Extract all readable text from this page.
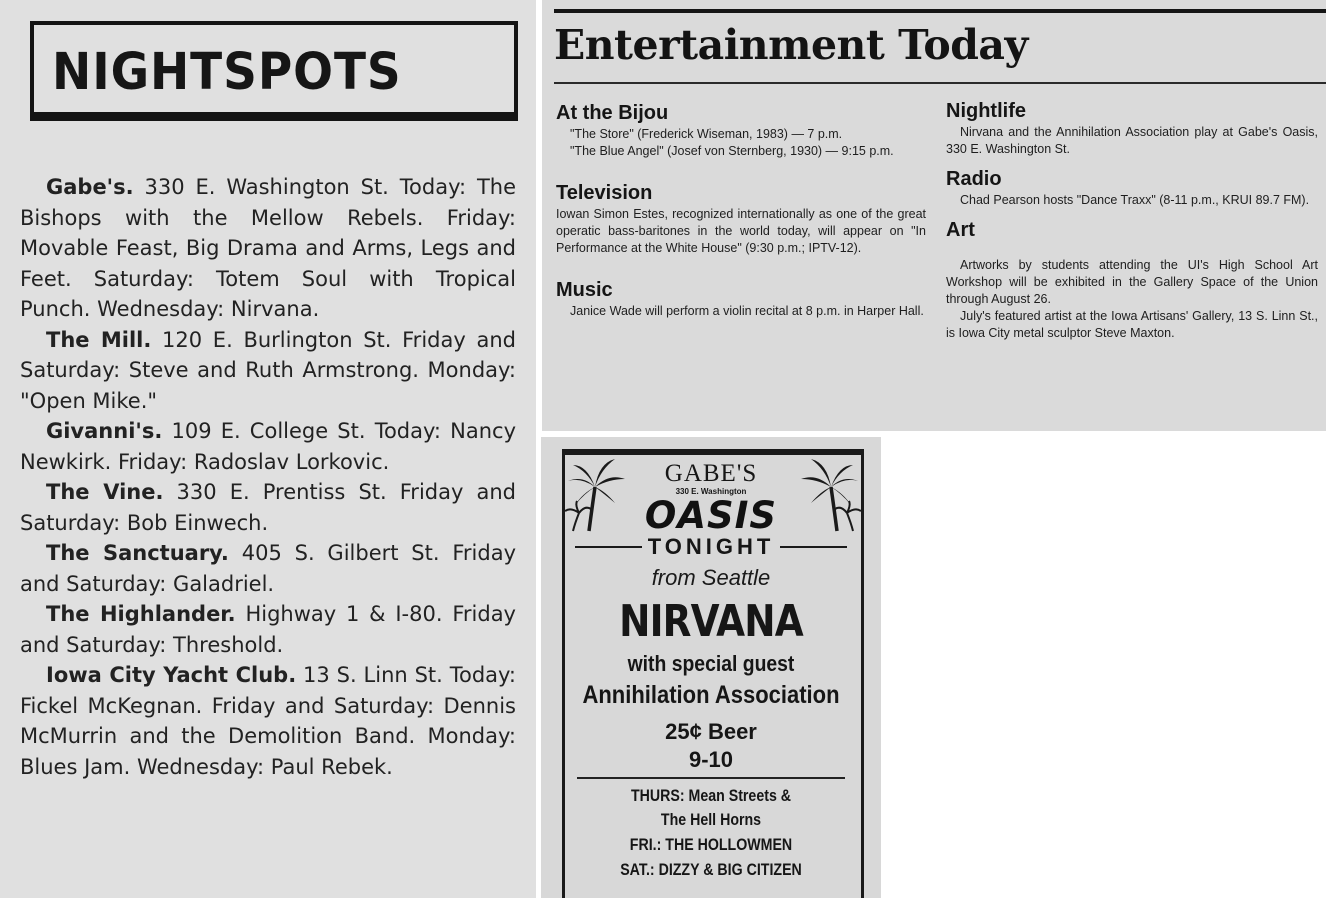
NIGHTSPOTS

Gabe's. 330 E. Washington St. Today: The Bishops with the Mellow Rebels. Friday: Movable Feast, Big Drama and Arms, Legs and Feet. Saturday: Totem Soul with Tropical Punch. Wednesday: Nirvana.

The Mill. 120 E. Burlington St. Friday and Saturday: Steve and Ruth Armstrong. Monday: "Open Mike."

Givanni's. 109 E. College St. Today: Nancy Newkirk. Friday: Radoslav Lorkovic.

The Vine. 330 E. Prentiss St. Friday and Saturday: Bob Einwech.

The Sanctuary. 405 S. Gilbert St. Friday and Saturday: Galadriel.

The Highlander. Highway 1 & I-80. Friday and Saturday: Threshold.

Iowa City Yacht Club. 13 S. Linn St. Today: Fickel McKegnan. Friday and Saturday: Dennis McMurrin and the Demolition Band. Monday: Blues Jam. Wednesday: Paul Rebek.

Entertainment Today
At the Bijou

"The Store" (Frederick Wiseman, 1983) — 7 p.m.

"The Blue Angel" (Josef von Sternberg, 1930) — 9:15 p.m.

Television

Iowan Simon Estes, recognized internationally as one of the great operatic bass-baritones in the world today, will appear on "In Performance at the White House" (9:30 p.m.; IPTV-12).

Music

Janice Wade will perform a violin recital at 8 p.m. in Harper Hall.

Nightlife

Nirvana and the Annihilation Association play at Gabe's Oasis, 330 E. Washington St.

Radio

Chad Pearson hosts "Dance Traxx" (8-11 p.m., KRUI 89.7 FM).

Art

Artworks by students attending the UI's High School Art Workshop will be exhibited in the Gallery Space of the Union through August 26.

July's featured artist at the Iowa Artisans' Gallery, 13 S. Linn St., is Iowa City metal sculptor Steve Maxton.

GABE'S
330 E. Washington
OASIS
TONIGHT
from Seattle
NIRVANA
with special guest
Annihilation Association
25¢ Beer
9-10
THURS: Mean Streets &
The Hell Horns
FRI.: THE HOLLOWMEN
SAT.: DIZZY & BIG CITIZEN
